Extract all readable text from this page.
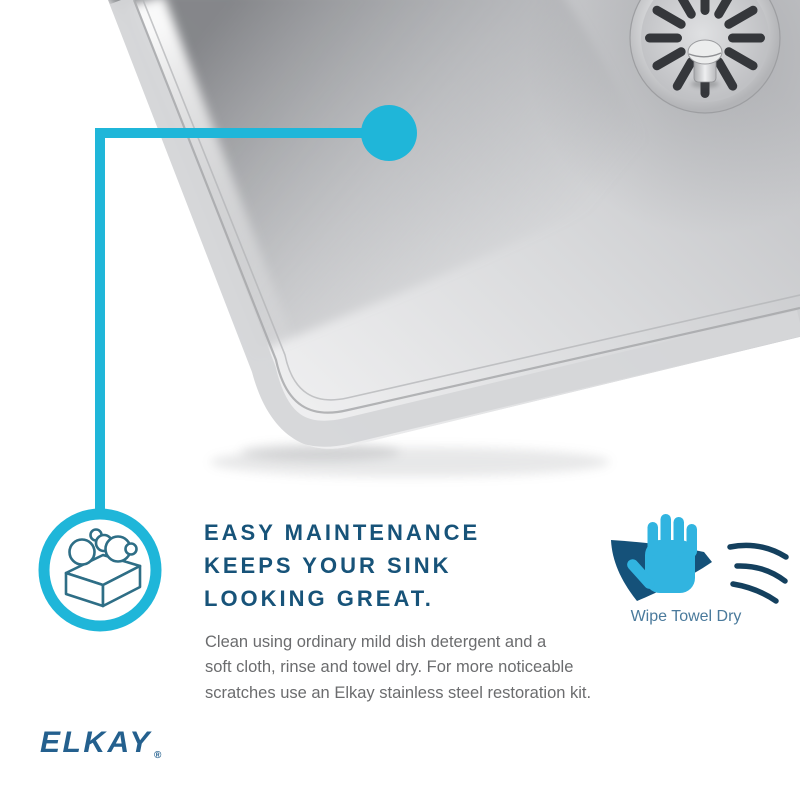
EASY MAINTENANCE
KEEPS YOUR SINK
LOOKING GREAT.
Clean using ordinary mild dish detergent and a
soft cloth, rinse and towel dry. For more noticeable
scratches use an Elkay stainless steel restoration kit.
Wipe Towel Dry
ELKAY $_®$
